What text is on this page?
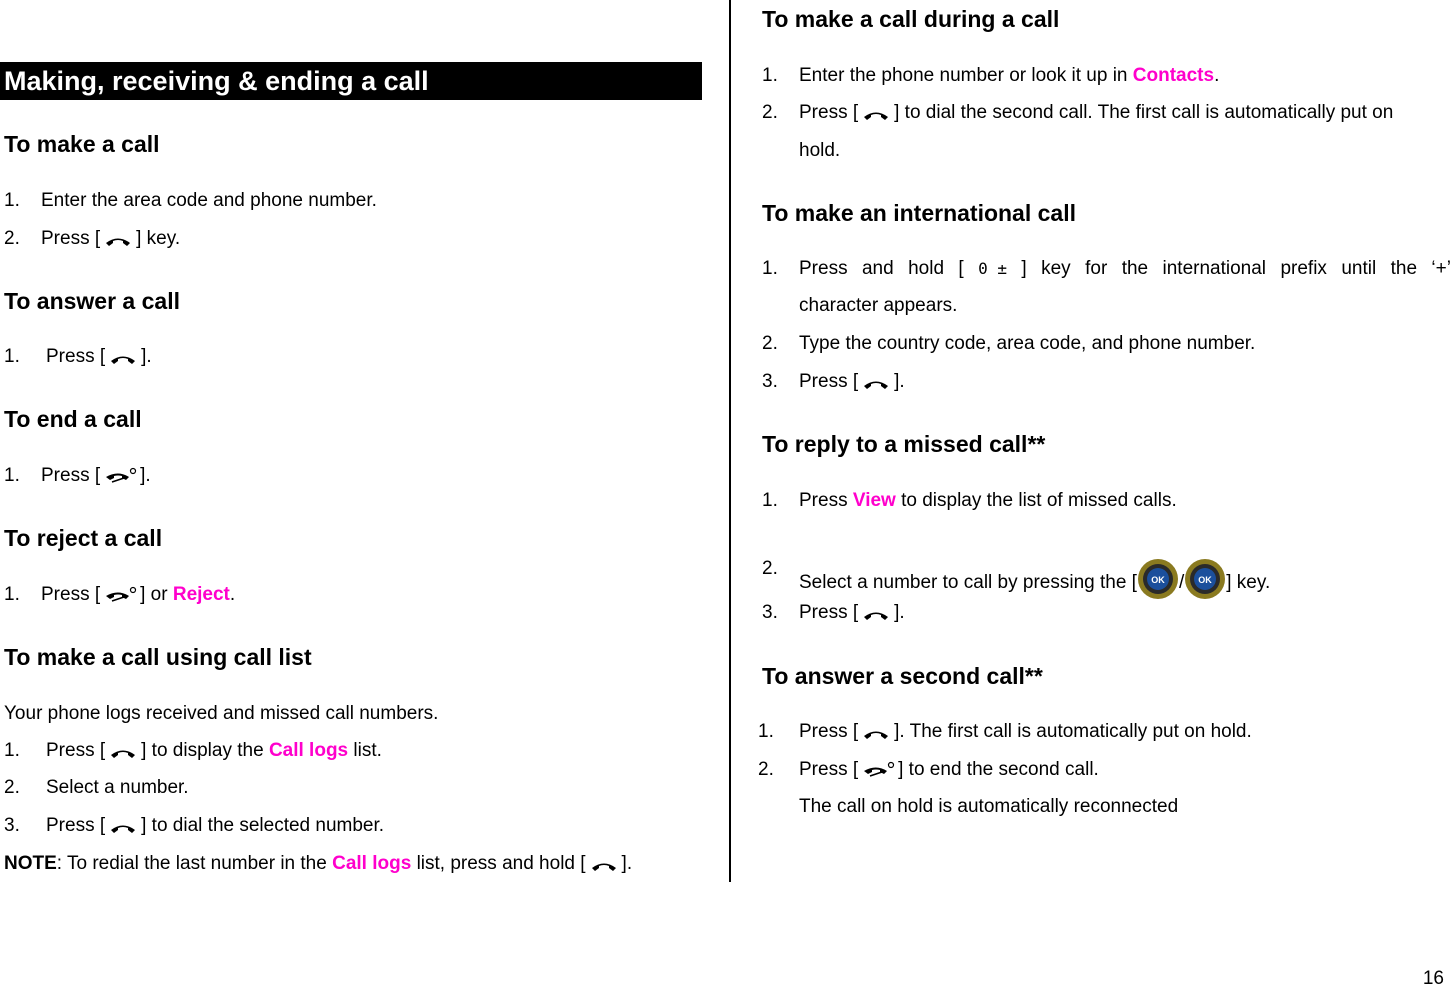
Making, receiving & ending a call
To make a call
1. Enter the area code and phone number.
2. Press [ ] key.
To answer a call
1. Press [ ].
To end a call
1. Press [ ].
To reject a call
1. Press [ ] or Reject.
To make a call using call list
Your phone logs received and missed call numbers.
1. Press [ ] to display the Call logs list.
2. Select a number.
3. Press [ ] to dial the selected number.
NOTE: To redial the last number in the Call logs list, press and hold [ ].
To make a call during a call
1. Enter the phone number or look it up in Contacts.
2. Press [ ] to dial the second call. The first call is automatically put on
hold.
To make an international call
1. Press and hold [ 0 ± ] key for the international prefix until the ‘+’
character appears.
2. Type the country code, area code, and phone number.
3. Press [ ].
To reply to a missed call**
1. Press View to display the list of missed calls.
2.
Select a number to call by pressing the [ OK / OK ] key.
3. Press [ ].
To answer a second call**
1. Press [ ]. The first call is automatically put on hold.
2. Press [ ] to end the second call.
The call on hold is automatically reconnected
16
